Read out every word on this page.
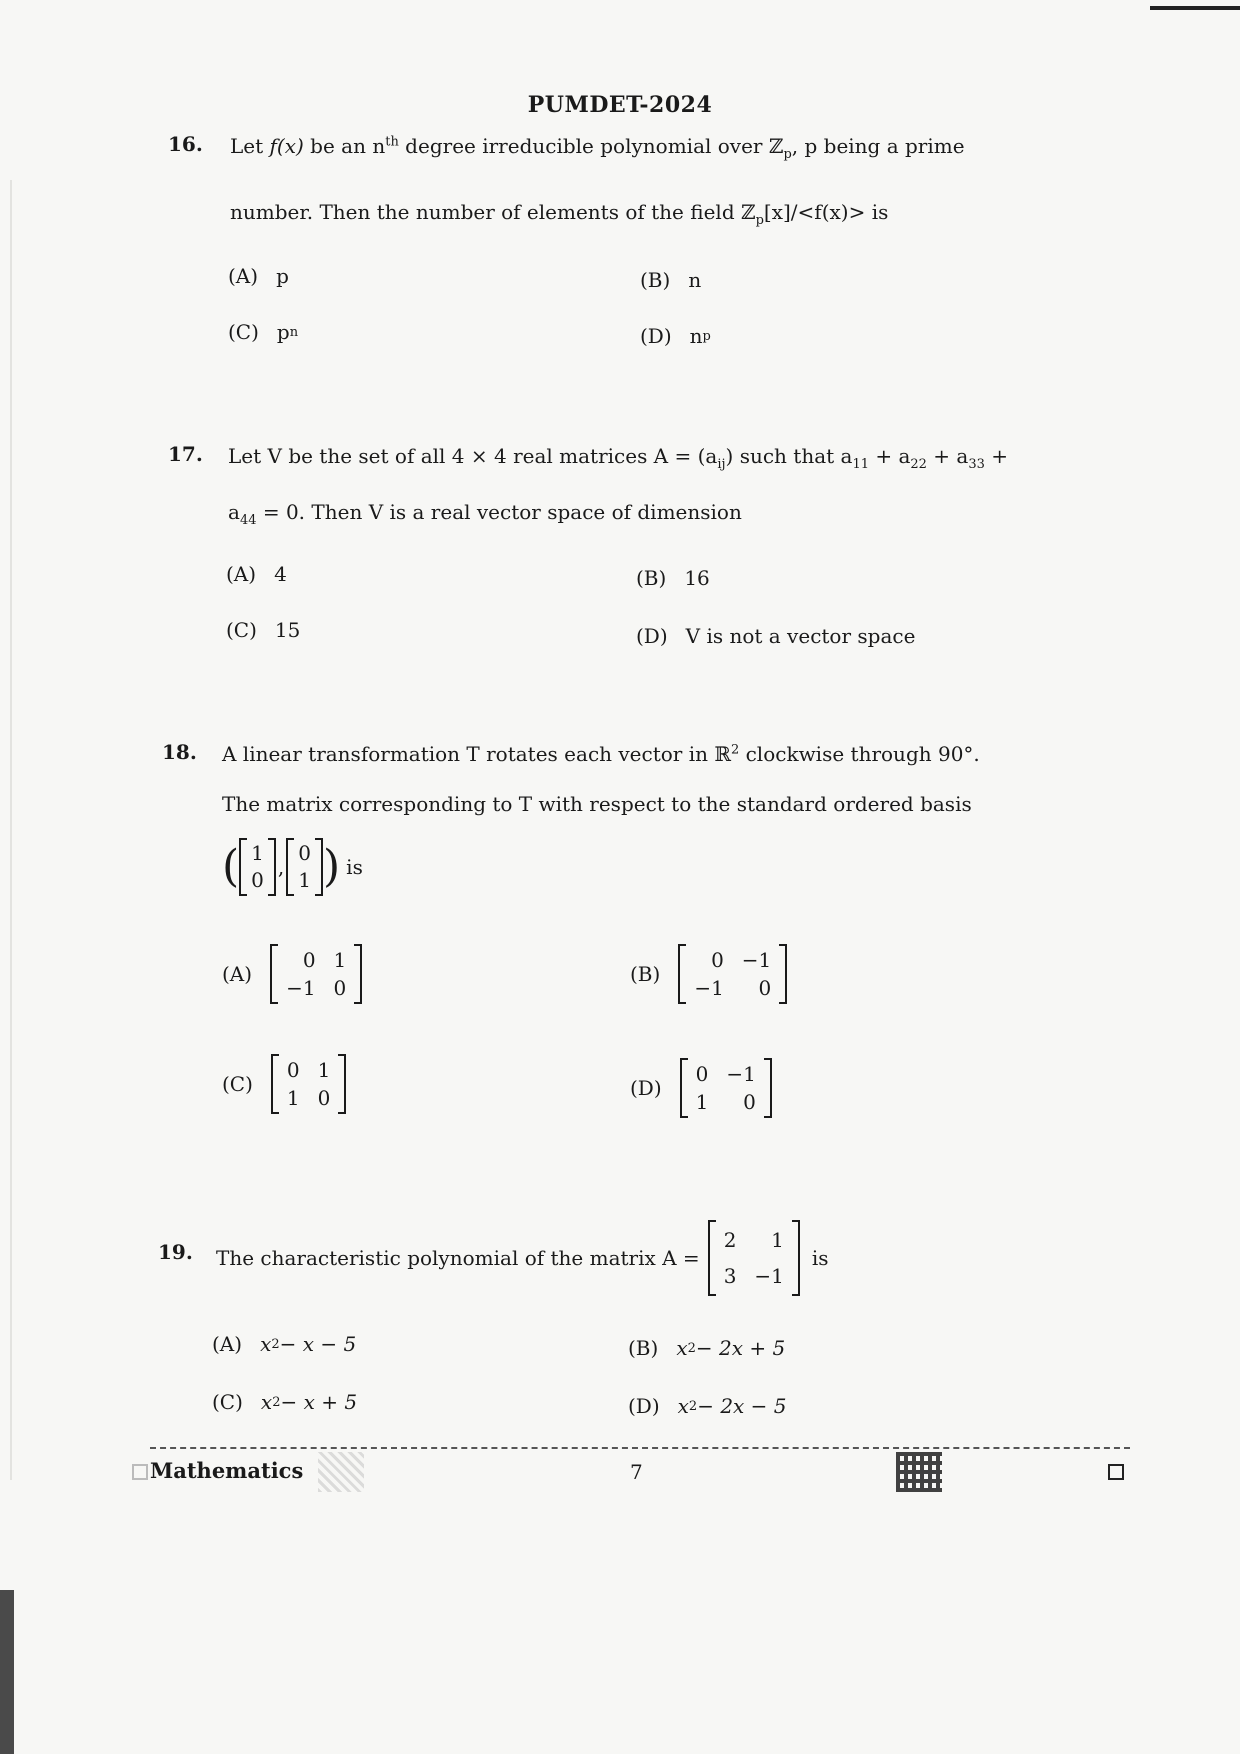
PUMDET-2024
16. Let f(x) be an $n^{th}$ degree irreducible polynomial over ℤ$_p$, p being a prime
number. Then the number of elements of the field ℤ$_p$[x]/<f(x)> is
(A) p	(B) n
(C) p n	(D) n p
17. Let V be the set of all 4 × 4 real matrices $A = (a_{ij})$ such that $a_{11} + a_{22} + a_{33}$ +
$a_{44} = 0$. Then V is a real vector space of dimension
(A) 4	(B) 16
(C) 15	(D) V is not a vector space
18. A linear transformation T rotates each vector in ℝ$^2$ clockwise through 90°.
The matrix corresponding to T with respect to the standard ordered basis
( 1
0
,
0
1 ) is
(A)
0 1
−1 0
(B)
0 −1
−1	0
(C)
0 1
1 0	(D)
0 −1
1	0
19. The characteristic polynomial of the matrix A =
2	1
3 −1
is
(A) x 2 − x − 5	(B) x 2 − 2x + 5
(C) x 2 − x + 5	(D) x 2 − 2x − 5
Mathematics	7
